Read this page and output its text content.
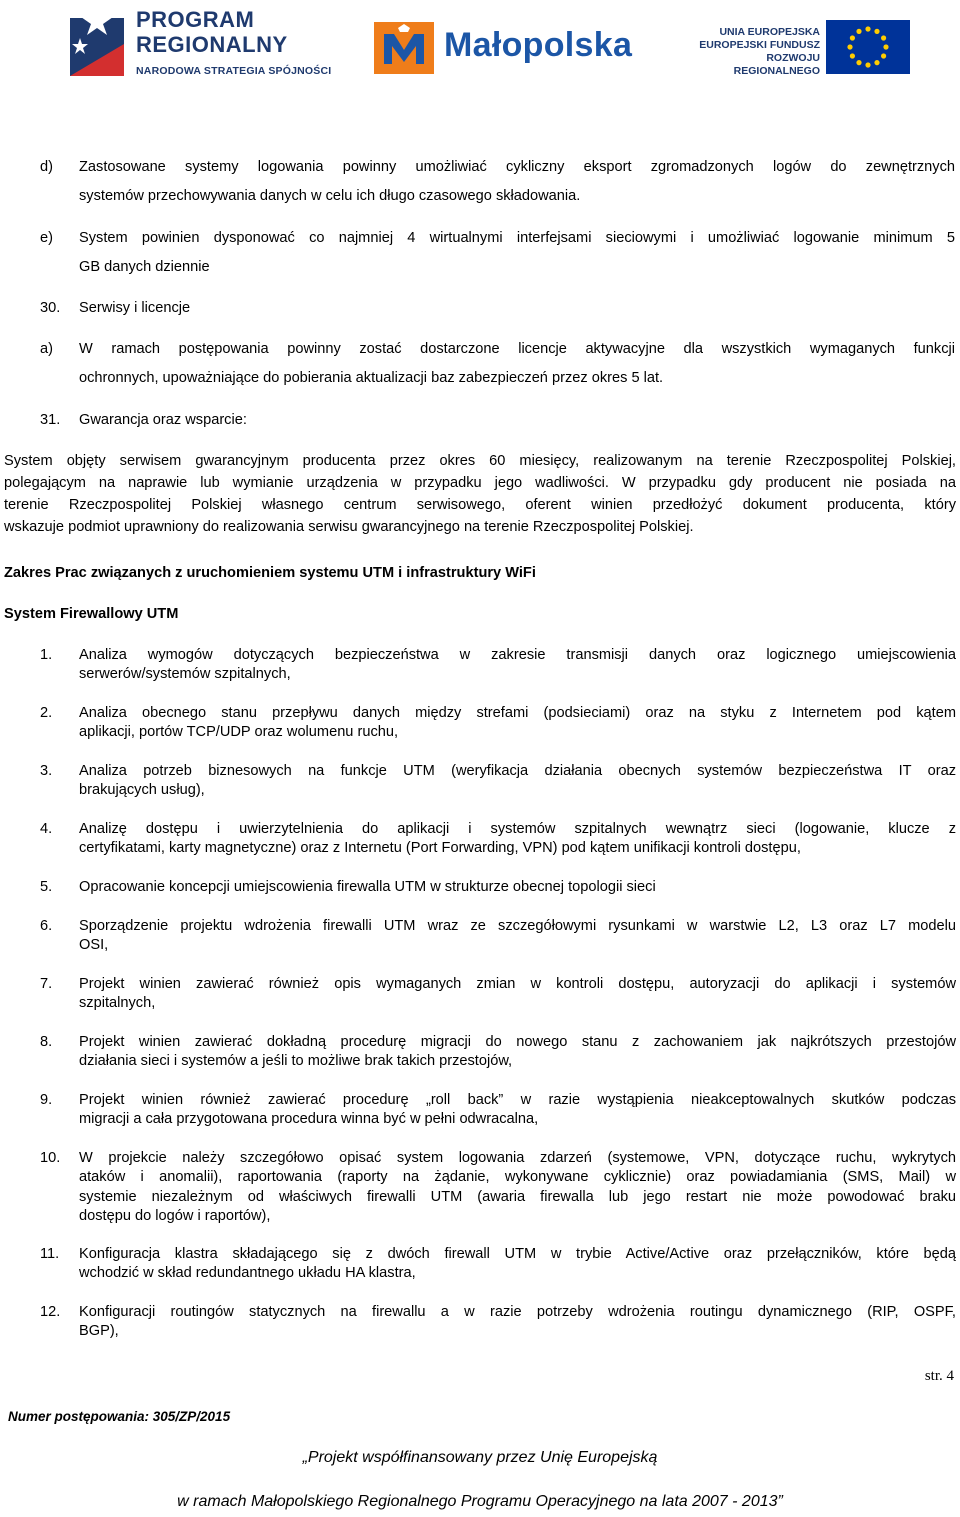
PROGRAM
REGIONALNY
NARODOWA STRATEGIA SPÓJNOŚCI
Małopolska	UNIA EUROPEJSKA
EUROPEJSKI FUNDUSZ
ROZWOJU REGIONALNEGO
d) Zastosowane systemy logowania powinny umożliwiać cykliczny eksport zgromadzonych logów do zewnętrznych
systemów przechowywania danych w celu ich długo czasowego składowania.
e) System powinien dysponować co najmniej 4 wirtualnymi interfejsami sieciowymi i umożliwiać logowanie minimum 5
GB danych dziennie
30. Serwisy i licencje
a) W ramach postępowania powinny zostać dostarczone licencje aktywacyjne dla wszystkich wymaganych funkcji
ochronnych, upoważniające do pobierania aktualizacji baz zabezpieczeń przez okres 5 lat.
31. Gwarancja oraz wsparcie:
System objęty serwisem gwarancyjnym producenta przez okres 60 miesięcy, realizowanym na terenie Rzeczpospolitej Polskiej,
polegającym na naprawie lub wymianie urządzenia w przypadku jego wadliwości. W przypadku gdy producent nie posiada na
terenie Rzeczpospolitej Polskiej własnego centrum serwisowego, oferent winien przedłożyć dokument producenta, który
wskazuje podmiot uprawniony do realizowania serwisu gwarancyjnego na terenie Rzeczpospolitej Polskiej.
Zakres Prac związanych z uruchomieniem systemu UTM i infrastruktury WiFi
System Firewallowy UTM
1. Analiza wymogów dotyczących bezpieczeństwa w zakresie transmisji danych oraz logicznego umiejscowienia
serwerów/systemów szpitalnych,
2. Analiza obecnego stanu przepływu danych między strefami (podsieciami) oraz na styku z Internetem pod kątem
aplikacji, portów TCP/UDP oraz wolumenu ruchu,
3. Analiza potrzeb biznesowych na funkcje UTM (weryfikacja działania obecnych systemów bezpieczeństwa IT oraz
brakujących usług),
4. Analizę dostępu i uwierzytelnienia do aplikacji i systemów szpitalnych wewnątrz sieci (logowanie, klucze z
certyfikatami, karty magnetyczne) oraz z Internetu (Port Forwarding, VPN) pod kątem unifikacji kontroli dostępu,
5. Opracowanie koncepcji umiejscowienia firewalla UTM w strukturze obecnej topologii sieci
6. Sporządzenie projektu wdrożenia firewalli UTM wraz ze szczegółowymi rysunkami w warstwie L2, L3 oraz L7 modelu
OSI,
7. Projekt winien zawierać również opis wymaganych zmian w kontroli dostępu, autoryzacji do aplikacji i systemów
szpitalnych,
8. Projekt winien zawierać dokładną procedurę migracji do nowego stanu z zachowaniem jak najkrótszych przestojów
działania sieci i systemów a jeśli to możliwe brak takich przestojów,
9. Projekt winien również zawierać procedurę „roll back” w razie wystąpienia nieakceptowalnych skutków podczas
migracji a cała przygotowana procedura winna być w pełni odwracalna,
10. W projekcie należy szczegółowo opisać system logowania zdarzeń (systemowe, VPN, dotyczące ruchu, wykrytych
ataków i anomalii), raportowania (raporty na żądanie, wykonywane cyklicznie) oraz powiadamiania (SMS, Mail) w
systemie niezależnym od właściwych firewalli UTM (awaria firewalla lub jego restart nie może powodować braku
dostępu do logów i raportów),
11. Konfiguracja klastra składającego się z dwóch firewall UTM w trybie Active/Active oraz przełączników, które będą
wchodzić w skład redundantnego układu HA klastra,
12. Konfiguracji routingów statycznych na firewallu a w razie potrzeby wdrożenia routingu dynamicznego (RIP, OSPF,
BGP),
str. 4
Numer postępowania: 305/ZP/2015
„Projekt współfinansowany przez Unię Europejską
w ramach Małopolskiego Regionalnego Programu Operacyjnego na lata 2007 - 2013”
